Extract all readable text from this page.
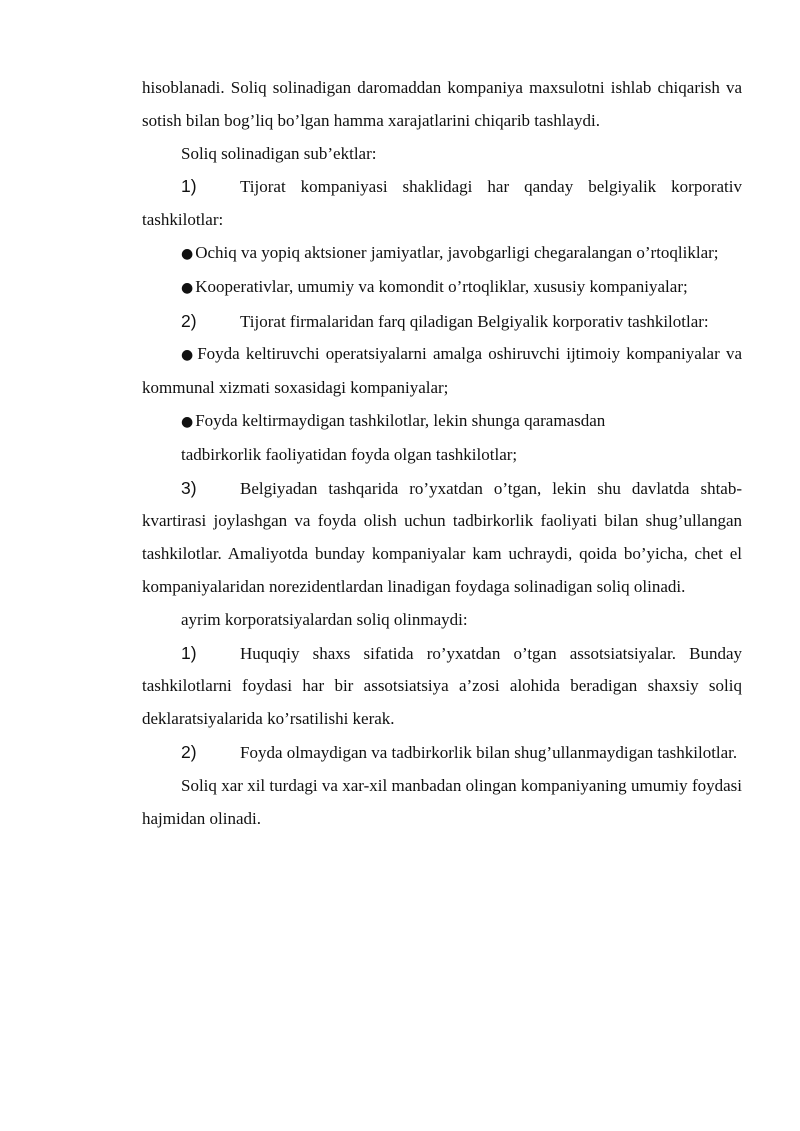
hisoblanadi. Soliq solinadigan daromaddan kompaniya maxsulotni ishlab chiqarish va sotish bilan bog’liq bo’lgan hamma xarajatlarini chiqarib tashlaydi.

Soliq solinadigan sub’ektlar:

1)	Tijorat kompaniyasi shaklidagi har qanday belgiyalik korporativ tashkilotlar:

● Ochiq va yopiq aktsioner jamiyatlar, javobgarligi chegaralangan o’rtoqliklar;

● Kooperativlar, umumiy va komondit o’rtoqliklar, xususiy kompaniyalar;

2)	Tijorat firmalaridan farq qiladigan Belgiyalik korporativ tashkilotlar:

● Foyda keltiruvchi operatsiyalarni amalga oshiruvchi ijtimoiy kompaniyalar va kommunal xizmati soxasidagi kompaniyalar;

● Foyda keltirmaydigan tashkilotlar, lekin shunga qaramasdan

tadbirkorlik faoliyatidan foyda olgan tashkilotlar;

3)	Belgiyadan tashqarida ro’yxatdan o’tgan, lekin shu davlatda shtab-kvartirasi joylashgan va foyda olish uchun tadbirkorlik faoliyati bilan shug’ullangan tashkilotlar. Amaliyotda bunday kompaniyalar kam uchraydi, qoida bo’yicha, chet el kompaniyalaridan norezidentlardan linadigan foydaga solinadigan soliq olinadi.

ayrim korporatsiyalardan soliq olinmaydi:

1)	Huquqiy shaxs sifatida ro’yxatdan o’tgan assotsiatsiyalar. Bunday tashkilotlarni foydasi har bir assotsiatsiya a’zosi alohida beradigan shaxsiy soliq deklaratsiyalarida ko’rsatilishi kerak.

2)	Foyda olmaydigan va tadbirkorlik bilan shug’ullanmaydigan tashkilotlar.

Soliq xar xil turdagi va xar-xil manbadan olingan kompaniyaning umumiy foydasi hajmidan olinadi.
